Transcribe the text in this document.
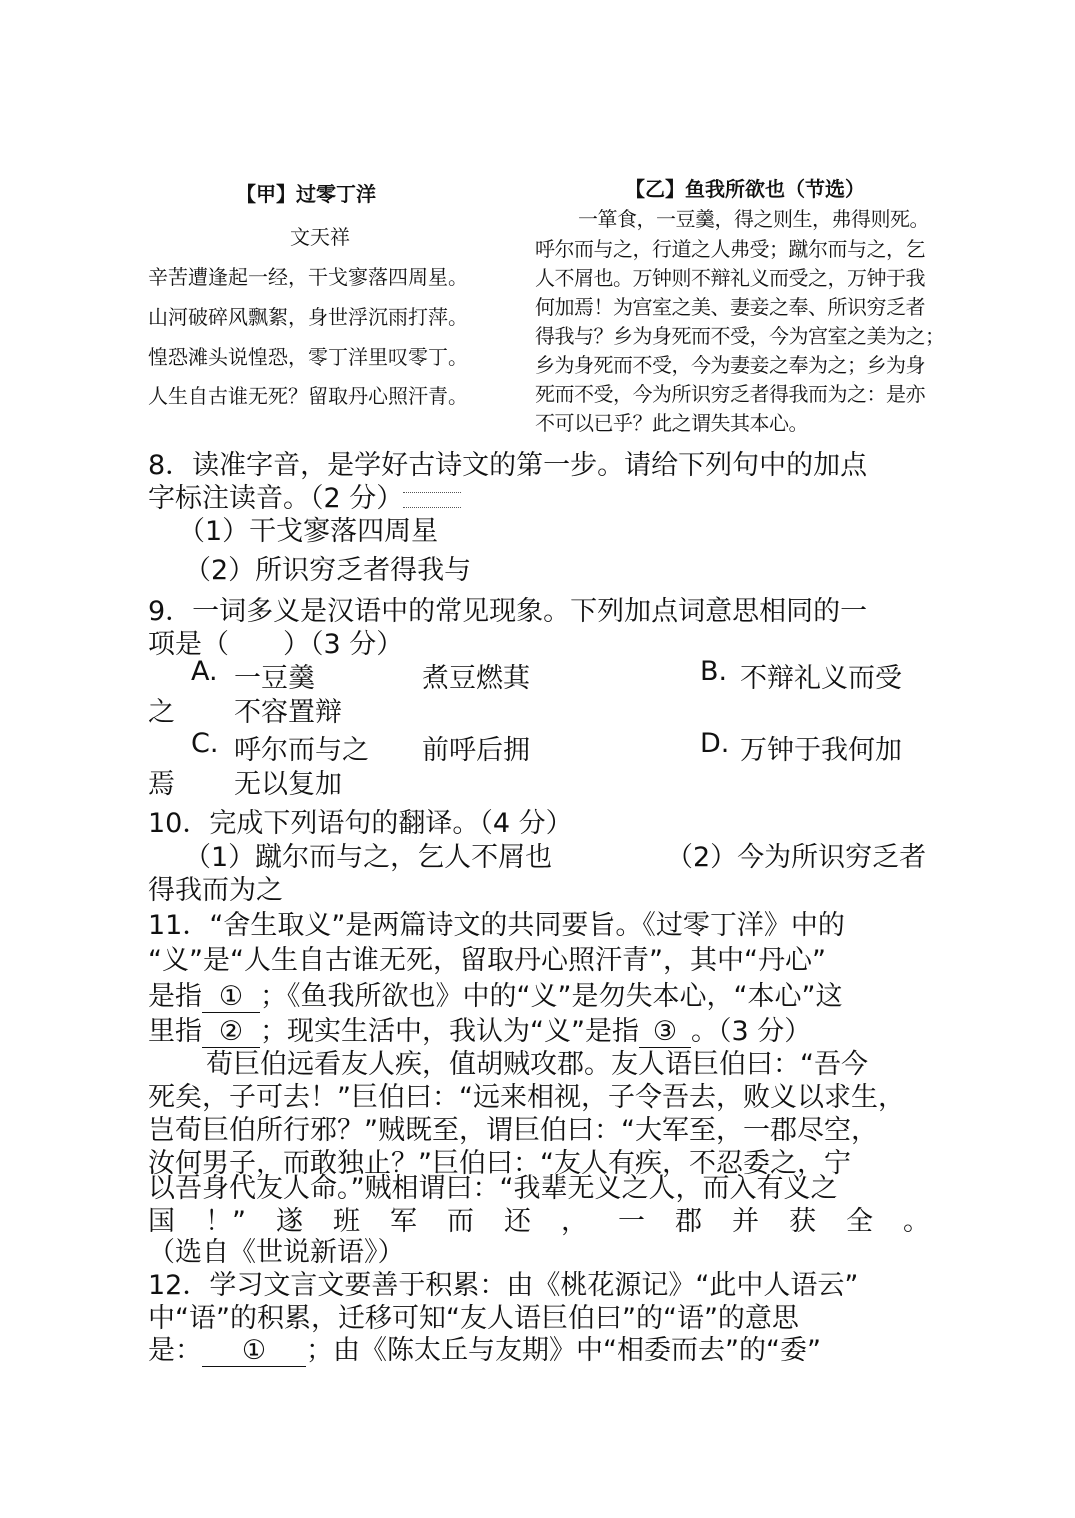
【甲】过零丁洋
文天祥
辛苦遭逢起一经，干戈寥落四周星。
山河破碎风飘絮，身世浮沉雨打萍。
惶恐滩头说惶恐，零丁洋里叹零丁。
人生自古谁无死？留取丹心照汗青。
【乙】鱼我所欲也（节选）
一箪食，一豆羹，得之则生，弗得则死。
呼尔而与之，行道之人弗受；蹴尔而与之，乞
人不屑也。万钟则不辩礼义而受之，万钟于我
何加焉！为宫室之美、妻妾之奉、所识穷乏者
得我与？乡为身死而不受，今为宫室之美为之；
乡为身死而不受，今为妻妾之奉为之；乡为身
死而不受，今为所识穷乏者得我而为之：是亦
不可以已乎？此之谓失其本心。
8．读准字音，是学好古诗文的第一步。请给下列句中的加点
字标注读音。（2 分）
（1）干戈寥落四周星
（2）所识穷乏者得我与
9．一词多义是汉语中的常见现象。下列加点词意思相同的一
项是（　　）（3 分）
A. 一豆羹	煮豆燃萁	B. 不辩礼义而受
之 不容置辩
C. 呼尔而与之 前呼后拥	D. 万钟于我何加
焉 无以复加
10．完成下列语句的翻译。（4 分）
（1）蹴尔而与之，乞人不屑也	（2）今为所识穷乏者
得我而为之
11．“舍生取义”是两篇诗文的共同要旨。《过零丁洋》中的
“义”是“人生自古谁无死，留取丹心照汗青”，其中“丹心”
是指 ① ；《鱼我所欲也》中的“义”是勿失本心，“本心”这
里指 ② ；现实生活中，我认为“义”是指 ③ 。（3 分）
荀巨伯远看友人疾，值胡贼攻郡。友人语巨伯曰：“吾今
死矣，子可去！”巨伯曰：“远来相视，子令吾去，败义以求生，
岂荀巨伯所行邪？”贼既至，谓巨伯曰：“大军至，一郡尽空，
汝何男子，而敢独止？”巨伯曰：“友人有疾，不忍委之，宁
以吾身代友人命。”贼相谓曰：“我辈无义之人，而入有义之
国 ！” 遂 班 军 而 还 ， 一 郡 并 获 全 。
（选自《世说新语》）
12．学习文言文要善于积累：由《桃花源记》“此中人语云”
中“语”的积累，迁移可知“友人语巨伯曰”的“语”的意思
是： ① ；由《陈太丘与友期》中“相委而去”的“委”
